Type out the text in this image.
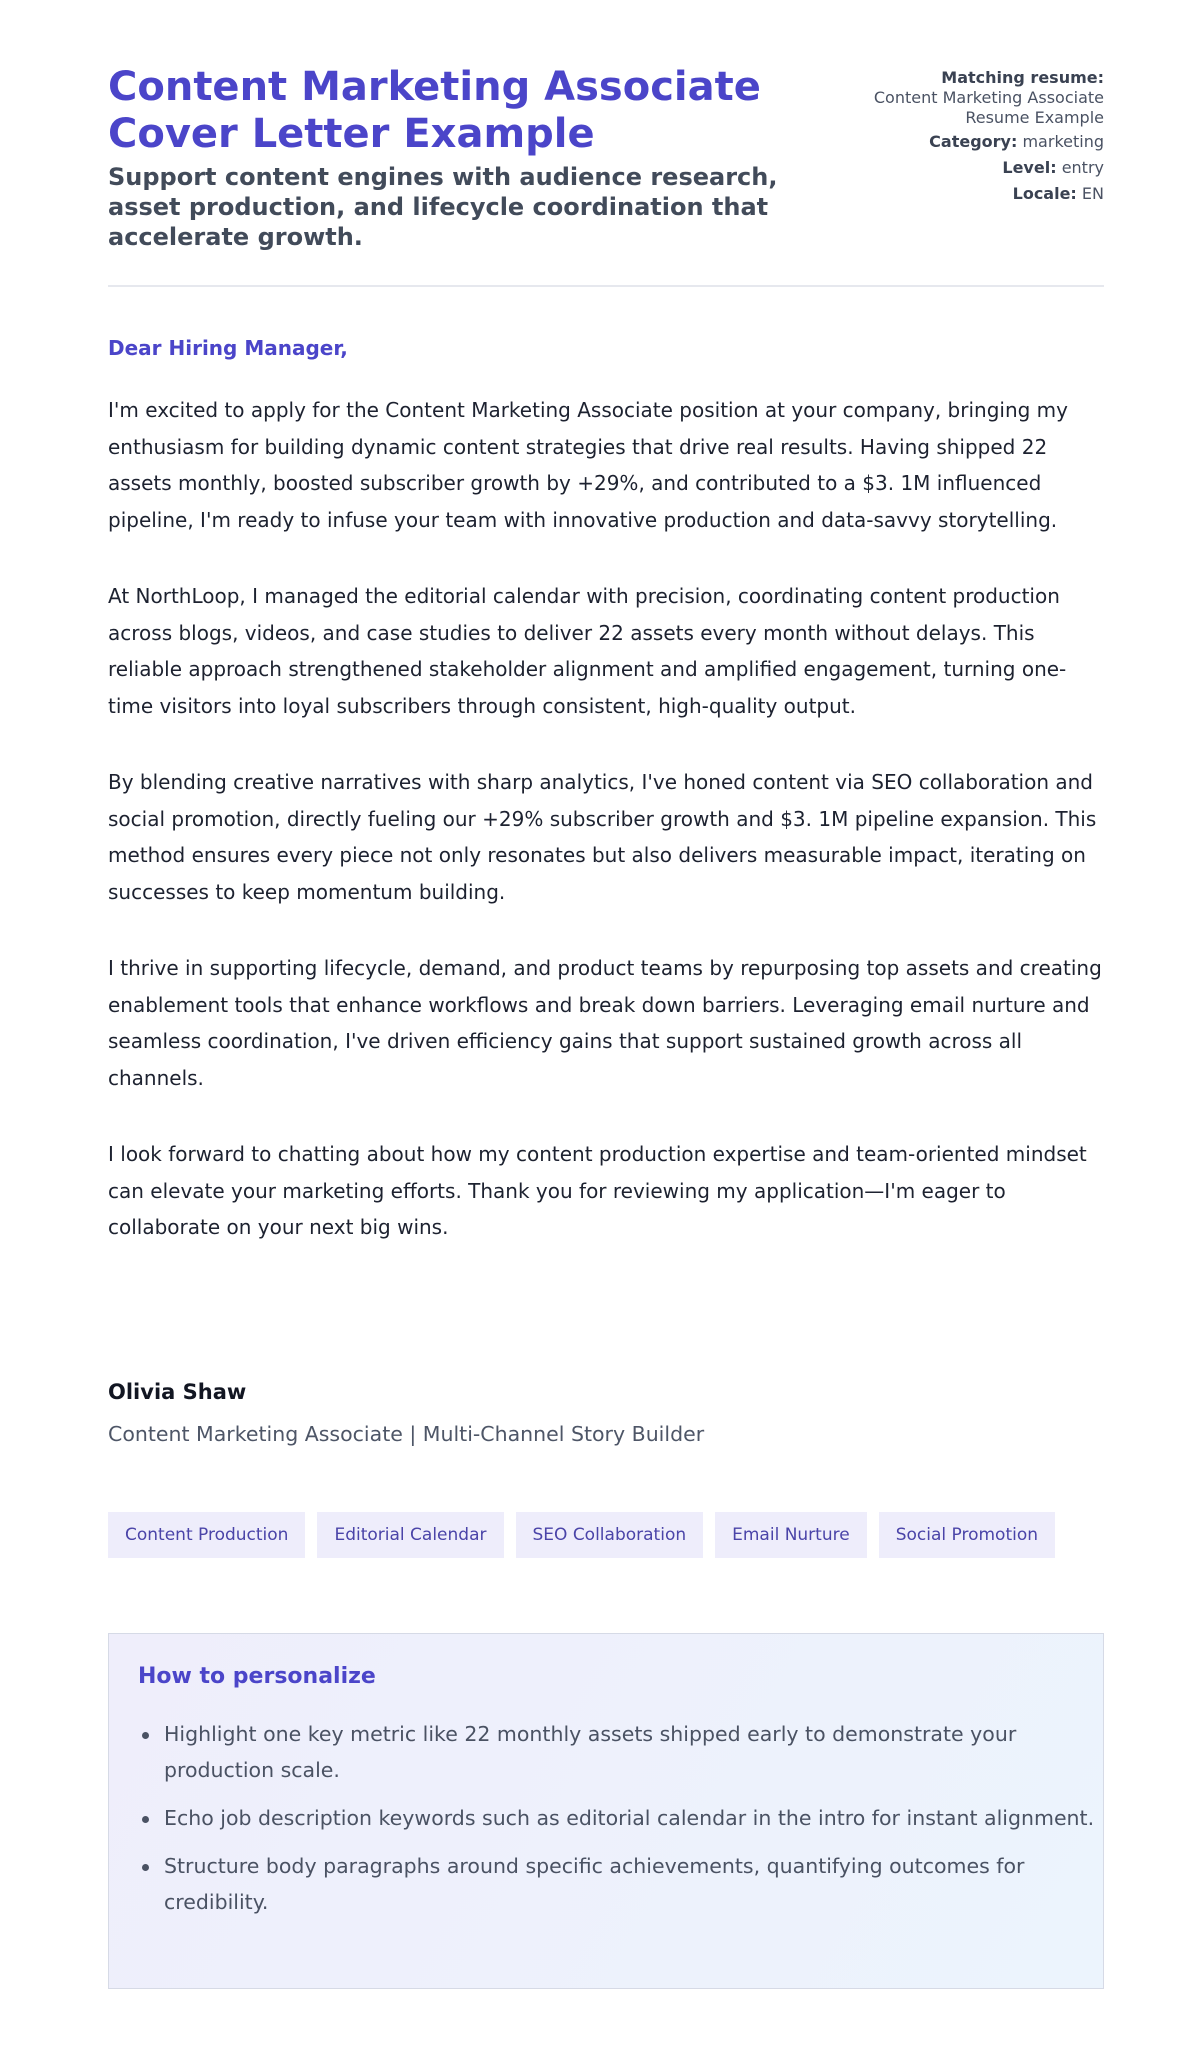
Content Marketing Associate Cover Letter Example
Support content engines with audience research, asset production, and lifecycle coordination that accelerate growth.
Matching resume:
Content Marketing Associate Resume Example
Category: marketing
Level: entry
Locale: EN
Dear Hiring Manager,

I'm excited to apply for the Content Marketing Associate position at your company, bringing my enthusiasm for building dynamic content strategies that drive real results. Having shipped 22 assets monthly, boosted subscriber growth by +29%, and contributed to a $3. 1M influenced pipeline, I'm ready to infuse your team with innovative production and data-savvy storytelling.

At NorthLoop, I managed the editorial calendar with precision, coordinating content production across blogs, videos, and case studies to deliver 22 assets every month without delays. This reliable approach strengthened stakeholder alignment and amplified engagement, turning one-time visitors into loyal subscribers through consistent, high-quality output.

By blending creative narratives with sharp analytics, I've honed content via SEO collaboration and social promotion, directly fueling our +29% subscriber growth and $3. 1M pipeline expansion. This method ensures every piece not only resonates but also delivers measurable impact, iterating on successes to keep momentum building.

I thrive in supporting lifecycle, demand, and product teams by repurposing top assets and creating enablement tools that enhance workflows and break down barriers. Leveraging email nurture and seamless coordination, I've driven efficiency gains that support sustained growth across all channels.

I look forward to chatting about how my content production expertise and team-oriented mindset can elevate your marketing efforts. Thank you for reviewing my application—I'm eager to collaborate on your next big wins.

Olivia Shaw
Content Marketing Associate | Multi-Channel Story Builder
Content Production	Editorial Calendar	SEO Collaboration	Email Nurture	Social Promotion
How to personalize
Highlight one key metric like 22 monthly assets shipped early to demonstrate your production scale.
Echo job description keywords such as editorial calendar in the intro for instant alignment.
Structure body paragraphs around specific achievements, quantifying outcomes for credibility.
